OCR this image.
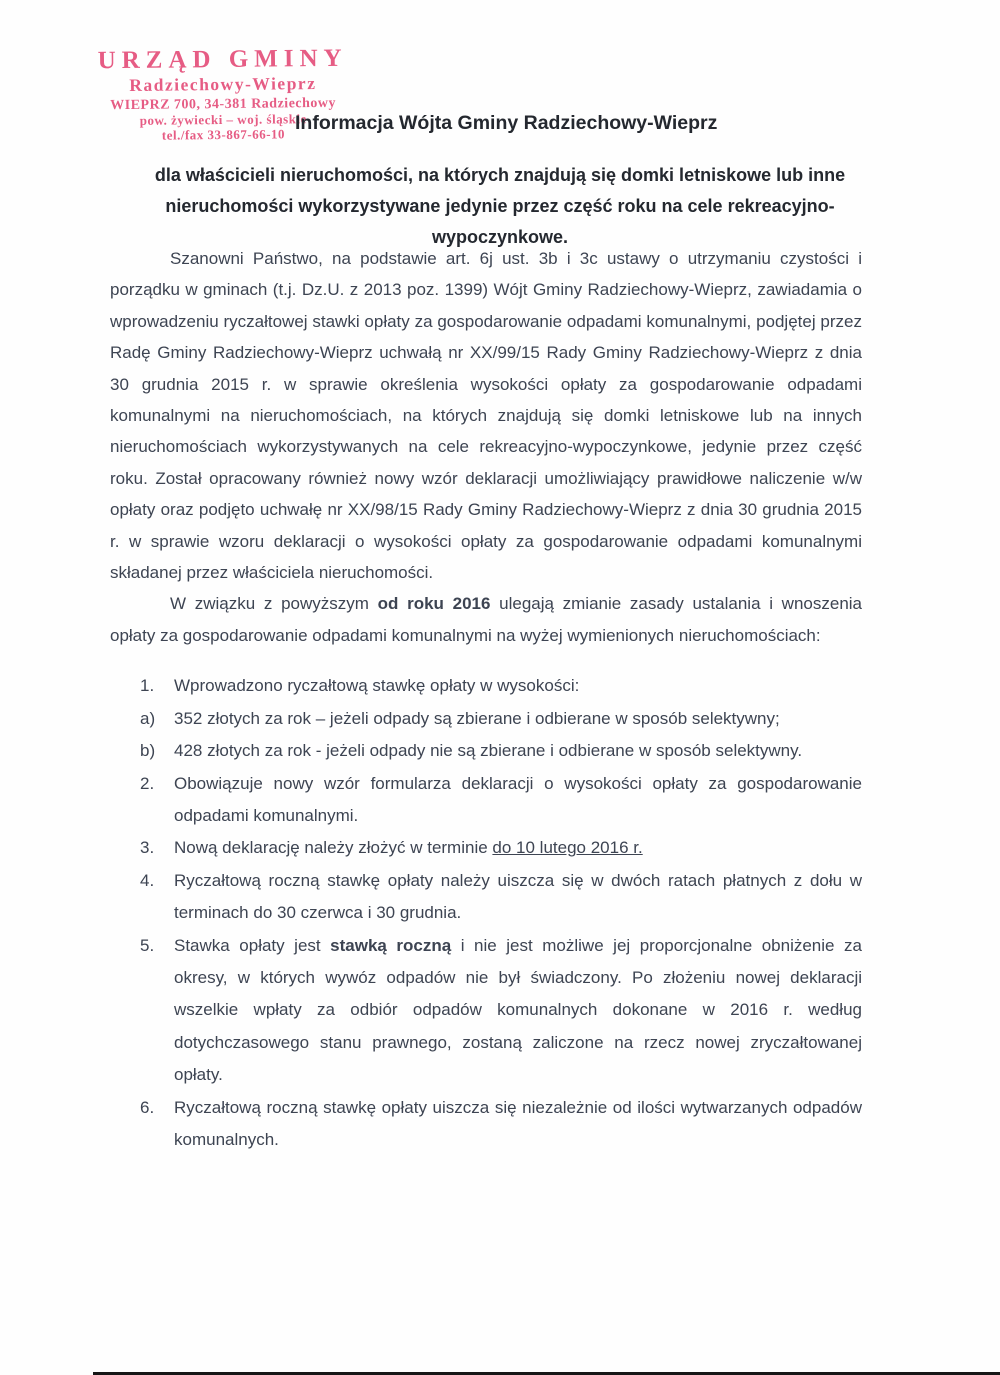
URZĄD GMINY
Radziechowy-Wieprz
WIEPRZ 700, 34-381 Radziechowy
pow. żywiecki – woj. śląskie
tel./fax 33-867-66-10
Informacja Wójta Gminy Radziechowy-Wieprz
dla właścicieli nieruchomości, na których znajdują się domki letniskowe lub inne nieruchomości wykorzystywane jedynie przez część roku na cele rekreacyjno-wypoczynkowe.

Szanowni Państwo, na podstawie art. 6j ust. 3b i 3c ustawy o utrzymaniu czystości i porządku w gminach (t.j. Dz.U. z 2013 poz. 1399) Wójt Gminy Radziechowy-Wieprz, zawiadamia o wprowadzeniu ryczałtowej stawki opłaty za gospodarowanie odpadami komunalnymi, podjętej przez Radę Gminy Radziechowy-Wieprz uchwałą nr XX/99/15 Rady Gminy Radziechowy-Wieprz z dnia 30 grudnia 2015 r. w sprawie określenia wysokości opłaty za gospodarowanie odpadami komunalnymi na nieruchomościach, na których znajdują się domki letniskowe lub na innych nieruchomościach wykorzystywanych na cele rekreacyjno-wypoczynkowe, jedynie przez część roku. Został opracowany również nowy wzór deklaracji umożliwiający prawidłowe naliczenie w/w opłaty oraz podjęto uchwałę nr XX/98/15 Rady Gminy Radziechowy-Wieprz z dnia 30 grudnia 2015 r. w sprawie wzoru deklaracji o wysokości opłaty za gospodarowanie odpadami komunalnymi składanej przez właściciela nieruchomości.

W związku z powyższym od roku 2016 ulegają zmianie zasady ustalania i wnoszenia opłaty za gospodarowanie odpadami komunalnymi na wyżej wymienionych nieruchomościach:

1.	Wprowadzono ryczałtową stawkę opłaty w wysokości:
a)	352 złotych za rok – jeżeli odpady są zbierane i odbierane w sposób selektywny;
b)	428 złotych za rok - jeżeli odpady nie są zbierane i odbierane w sposób selektywny.
2.	Obowiązuje nowy wzór formularza deklaracji o wysokości opłaty za gospodarowanie odpadami komunalnymi.
3.	Nową deklarację należy złożyć w terminie do 10 lutego 2016 r.
4.	Ryczałtową roczną stawkę opłaty należy uiszcza się w dwóch ratach płatnych z dołu w terminach do 30 czerwca i 30 grudnia.
5.	Stawka opłaty jest stawką roczną i nie jest możliwe jej proporcjonalne obniżenie za okresy, w których wywóz odpadów nie był świadczony. Po złożeniu nowej deklaracji wszelkie wpłaty za odbiór odpadów komunalnych dokonane w 2016 r. według dotychczasowego stanu prawnego, zostaną zaliczone na rzecz nowej zryczałtowanej opłaty.
6.	Ryczałtową roczną stawkę opłaty uiszcza się niezależnie od ilości wytwarzanych odpadów komunalnych.
